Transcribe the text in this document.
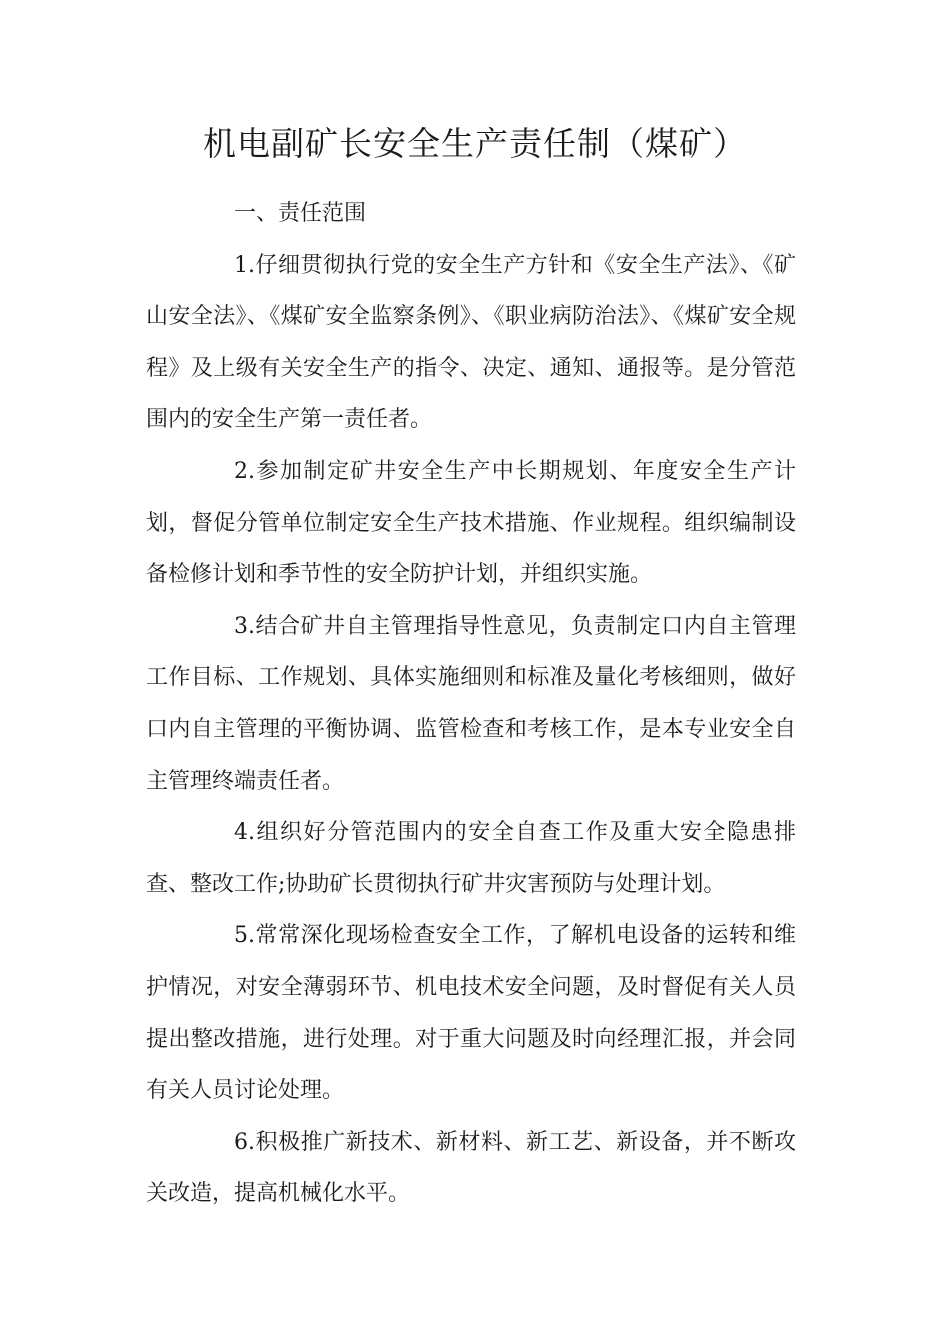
机电副矿长安全生产责任制（煤矿）

一、责任范围

1.仔细贯彻执行党的安全生产方针和《安全生产法》、《矿山安全法》、《煤矿安全监察条例》、《职业病防治法》、《煤矿安全规程》及上级有关安全生产的指令、决定、通知、通报等。是分管范围内的安全生产第一责任者。

2.参加制定矿井安全生产中长期规划、年度安全生产计划，督促分管单位制定安全生产技术措施、作业规程。组织编制设备检修计划和季节性的安全防护计划，并组织实施。

3.结合矿井自主管理指导性意见，负责制定口内自主管理工作目标、工作规划、具体实施细则和标准及量化考核细则，做好口内自主管理的平衡协调、监管检查和考核工作，是本专业安全自主管理终端责任者。

4.组织好分管范围内的安全自查工作及重大安全隐患排查、整改工作;协助矿长贯彻执行矿井灾害预防与处理计划。

5.常常深化现场检查安全工作，了解机电设备的运转和维护情况，对安全薄弱环节、机电技术安全问题，及时督促有关人员提出整改措施，进行处理。对于重大问题及时向经理汇报，并会同有关人员讨论处理。

6.积极推广新技术、新材料、新工艺、新设备，并不断攻关改造，提高机械化水平。
